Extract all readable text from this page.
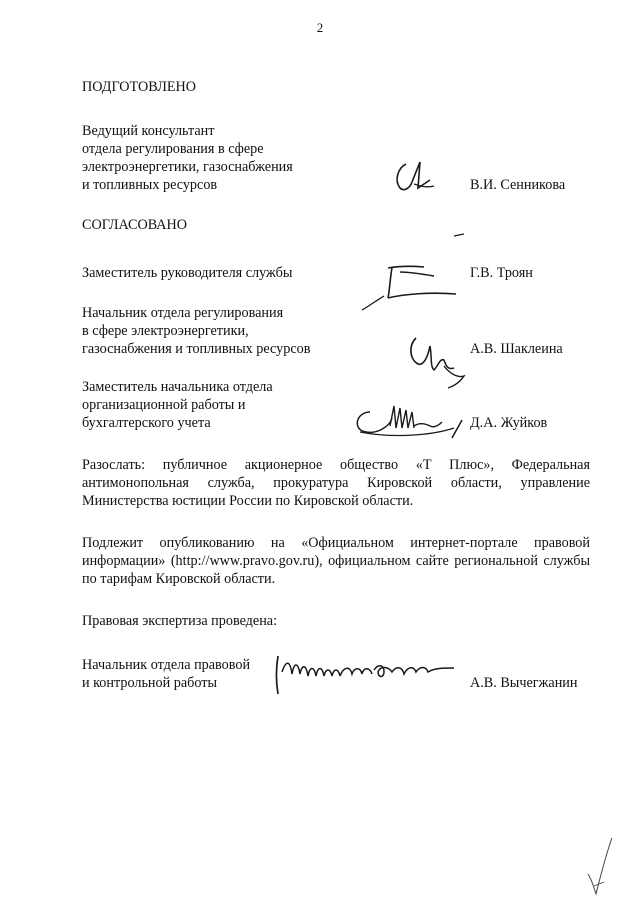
2
ПОДГОТОВЛЕНО
Ведущий консультант
отдела регулирования в сфере
электроэнергетики, газоснабжения
и топливных ресурсов	В.И. Сенникова
СОГЛАСОВАНО
Заместитель руководителя службы	Г.В. Троян
Начальник отдела регулирования
в сфере электроэнергетики,
газоснабжения и топливных ресурсов	А.В. Шаклеина
Заместитель начальника отдела
организационной работы и
бухгалтерского учета	Д.А. Жуйков
Разослать: публичное акционерное общество «Т Плюс», Федеральная антимонопольная служба, прокуратура Кировской области, управление Министерства юстиции России по Кировской области.
Подлежит опубликованию на «Официальном интернет-портале правовой информации» (http://www.pravo.gov.ru), официальном сайте региональной службы по тарифам Кировской области.
Правовая экспертиза проведена:
Начальник отдела правовой
и контрольной работы	А.В. Вычегжанин
